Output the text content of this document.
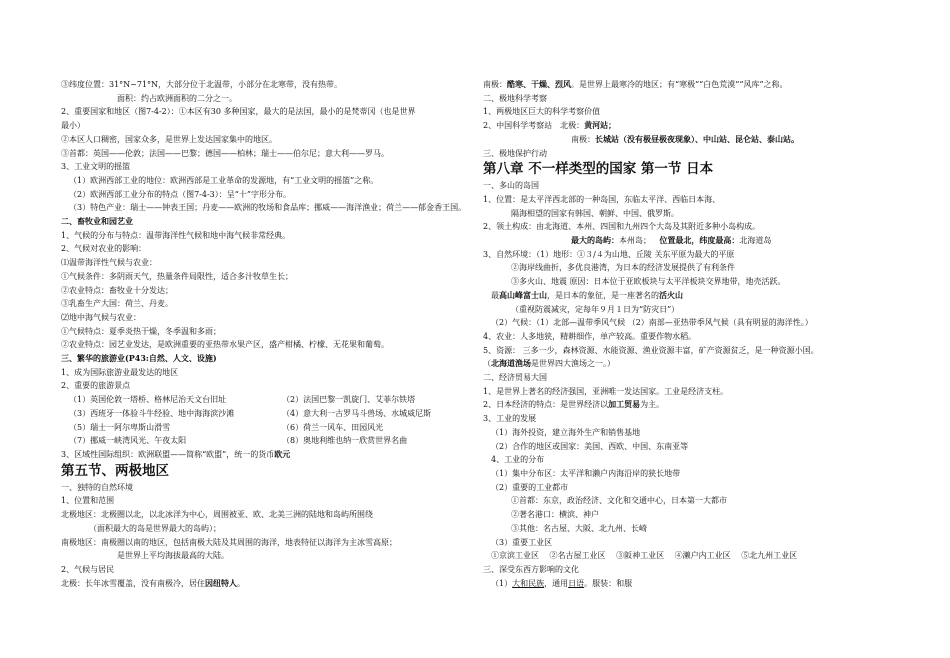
③纬度位置：31°N~71°N，大部分位于北温带，小部分在北寒带，没有热带。

面积：约占欧洲面积的二分之一。

2、重要国家和地区（图7-4-2）：①本区有30 多种国家，最大的是法国，最小的是梵蒂冈（也是世界

最小）

②本区人口稠密，国家众多，是世界上发达国家集中的地区。

③首都：英国——伦敦；法国——巴黎；德国——柏林；瑞士——伯尔尼；意大利——罗马。

3、工业文明的摇篮

（1）欧洲西部工业的地位：欧洲西部是工业革命的发源地，有“工业文明的摇篮”之称。

（2）欧洲西部工业分布的特点（图7-4-3）：呈“十”字形分布。

（3）特色产业：瑞士——钟表王国；丹麦——欧洲的牧场和食品库；挪威——海洋渔业；荷兰——郁金香王国。

二、畜牧业和园艺业

1、气候的分布与特点：温带海洋性气候和地中海气候非常经典。

2、气候对农业的影响：

⑴温带海洋性气候与农业：

①气候条件：多阴雨天气，热量条件局限性，适合多汁牧草生长；

②农业特点：畜牧业十分发达；

③乳畜生产大国：荷兰、丹麦。

⑵地中海气候与农业：

①气候特点：夏季炎热干燥，冬季温和多雨；

②农业特点：园艺业发达，是欧洲重要的亚热带水果产区，盛产柑橘、柠檬、无花果和葡萄。

三、繁华的旅游业(P43:自然、人文、设施)

1、成为国际旅游业最发达的地区

2、重要的旅游景点

（1）英国伦敦一塔桥、格林尼治天文台旧址	（2）法国巴黎一凯旋门、艾菲尔铁塔
（3）西班牙一体验斗牛经验、地中海海滨沙滩	（4）意大利一古罗马斗兽场、水城威尼斯
（5）瑞士一阿尔卑斯山滑雪	（6）荷兰一风车、田园风光
（7）挪威一峡湾风光、午夜太阳	（8）奥地利维也纳一欣赏世界名曲

3、区域性国际组织：欧洲联盟——简称“欧盟”，统一的货币欧元

第五节、两极地区

一、独特的自然环境

1、位置和范围

北极地区：北极圈以北，以北冰洋为中心，周围被亚、欧、北美三洲的陆地和岛屿所围绕

（面积最大的岛是世界最大的岛屿）；

南极地区：南极圈以南的地区，包括南极大陆及其周围的海洋，地表特征以海洋为主冰雪高原；

是世界上平均海拔最高的大陆。

2、气候与居民

北极：长年冰雪覆盖，没有南极冷，居住因纽特人。

南极：酷寒、干燥、烈风。是世界上最寒冷的地区；有“寒极”“白色荒漠”“风库”之称。

二、极地科学考察

1、两极地区巨大的科学考察价值

2、中国科学考察站 北极：黄河站；

南极：长城站（没有极昼极夜现象）、中山站、昆仑站、泰山站。

三、极地保护行动

第八章 不一样类型的国家 第一节 日本

一、多山的岛国

1、位置：是太平洋西北部的一种岛国，东临太平洋、西临日本海、

隔海相望的国家有韩国、朝鲜、中国、俄罗斯。

2、领土构成：由北海道、本州、四国和九州四个大岛及其附近多种小岛构成。

最大的岛屿：本州岛；   位置最北，纬度最高：北海道岛

3、自然环境：（1）地形：①３/４为山地、丘陵 关东平原为最大的平原

②海岸线曲折，多优良港湾，为日本的经济发展提供了有利条件

③多火山、地震 原因：日本位于亚欧板块与太平洋板块交界地带，地壳活跃。

最高山峰富士山，是日本的象征，是一座著名的活火山

（重视防震减灾，定每年９月１日为“防灾日”）

（2）气候：（1）北部—温带季风气候 （2）南部—亚热带季风气候（具有明显的海洋性。）

4、农业：人多地狭，精耕细作，单产较高。重要作物水稻。

5、资源： 三多一少，森林资源、水能资源、渔业资源丰富，矿产资源贫乏，是一种资源小国。

（北海道渔场是世界四大渔场之一。）

二、经济贸易大国

1、是世界上著名的经济强国，亚洲唯一发达国家。工业是经济支柱。

2、日本经济的特点：是世界经济以加工贸易为主。

3、工业的发展

（1）海外投资，建立海外生产和销售基地

（2）合作的地区或国家：美国、西欧、中国、东南亚等

4、工业的分布

（1）集中分布区：太平洋和濑户内海沿岸的狭长地带

（2）重要的工业都市

①首都：东京，政治经济、文化和交通中心，日本第一大都市

②著名港口：横滨、神户

③其他：名古屋、大阪、北九州、长崎

（3）重要工业区

①京滨工业区 ②名古屋工业区 ③阪神工业区 ④濑户内工业区 ⑤北九州工业区

三、深受东西方影响的文化

（1）大和民族，通用日语。服装：和服
